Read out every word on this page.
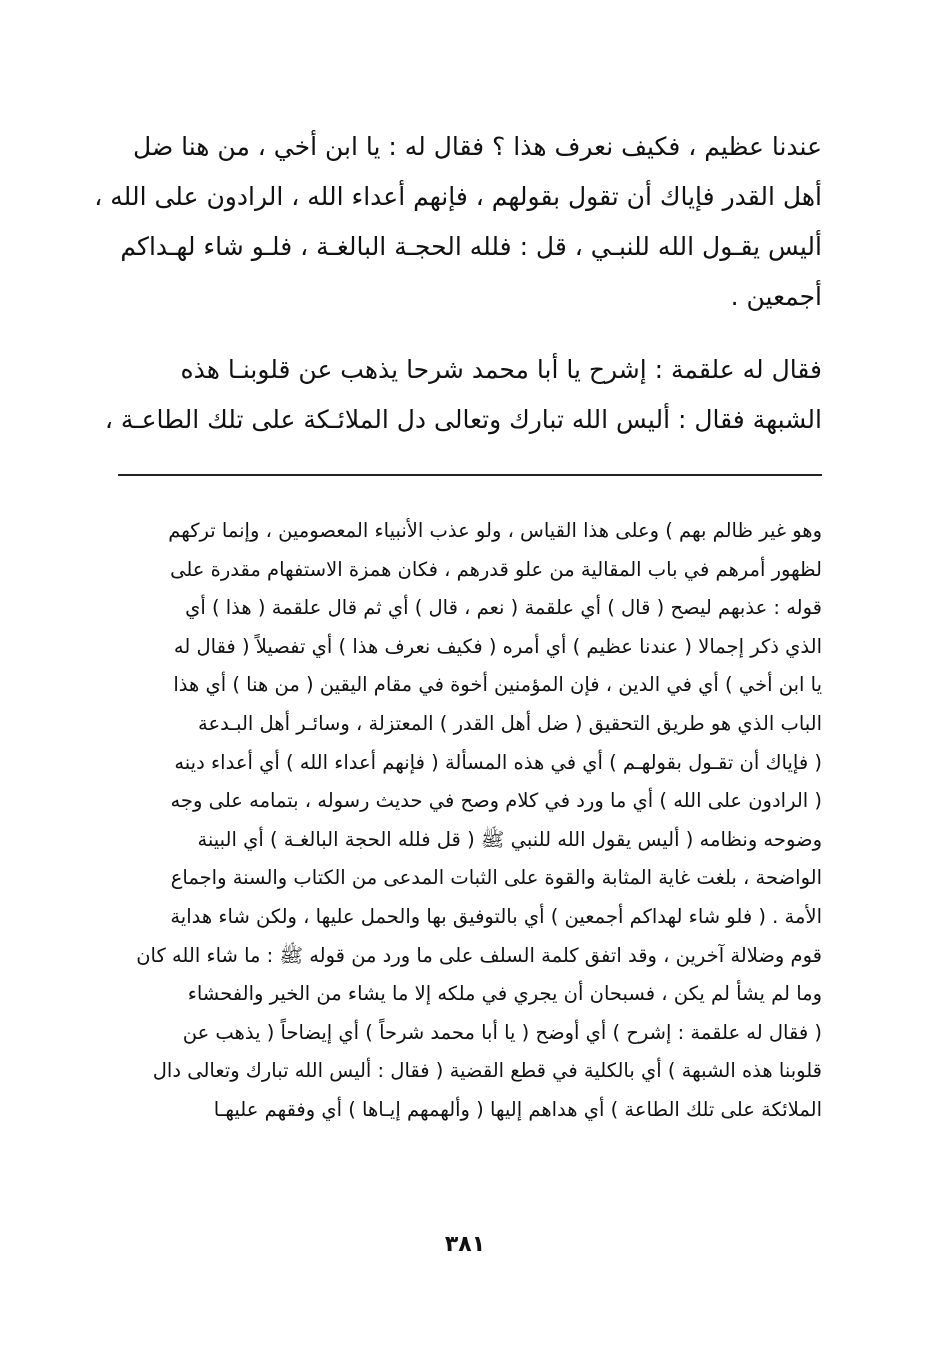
عندنا عظيم ، فكيف نعرف هذا ؟ فقال له : يا ابن أخي ، من هنا ضل
أهل القدر فإياك أن تقول بقولهم ، فإنهم أعداء الله ، الرادون على الله ،
أليس يقـول الله للنبـي ، قل : فلله الحجـة البالغـة ، فلـو شاء لهـداكم
أجمعين .
فقال له علقمة : إشرح يا أبا محمد شرحا يذهب عن قلوبنـا هذه
الشبهة فقال : أليس الله تبارك وتعالى دل الملائـكة على تلك الطاعـة ،
وهو غير ظالم بهم ) وعلى هذا القياس ، ولو عذب الأنبياء المعصومين ، وإنما تركهم
لظهور أمرهم في باب المقالية من علو قدرهم ، فكان همزة الاستفهام مقدرة على
قوله : عذبهم ليصح ( قال ) أي علقمة ( نعم ، قال ) أي ثم قال علقمة ( هذا ) أي
الذي ذكر إجمالا ( عندنا عظيم ) أي أمره ( فكيف نعرف هذا ) أي تفصيلاً ( فقال له
يا ابن أخي ) أي في الدين ، فإن المؤمنين أخوة في مقام اليقين ( من هنا ) أي هذا
الباب الذي هو طريق التحقيق ( ضل أهل القدر ) المعتزلة ، وسائـر أهل البـدعة
( فإياك أن تقـول بقولهـم ) أي في هذه المسألة ( فإنهم أعداء الله ) أي أعداء دينه
( الرادون على الله ) أي ما ورد في كلام وصح في حديث رسوله ، بتمامه على وجه
وضوحه ونظامه ( أليس يقول الله للنبي ﷺ ( قل فلله الحجة البالغـة ) أي البينة
الواضحة ، بلغت غاية المثابة والقوة على الثبات المدعى من الكتاب والسنة واجماع
الأمة . ( فلو شاء لهداكم أجمعين ) أي بالتوفيق بها والحمل عليها ، ولكن شاء هداية
قوم وضلالة آخرين ، وقد اتفق كلمة السلف على ما ورد من قوله ﷺ : ما شاء الله كان
وما لم يشأ لم يكن ، فسبحان أن يجري في ملكه إلا ما يشاء من الخير والفحشاء
( فقال له علقمة : إشرح ) أي أوضح ( يا أبا محمد شرحاً ) أي إيضاحاً ( يذهب عن
قلوبنا هذه الشبهة ) أي بالكلية في قطع القضية ( فقال : أليس الله تبارك وتعالى دال
الملائكة على تلك الطاعة ) أي هداهم إليها ( وألهمهم إيـاها ) أي وفقهم عليهـا
٣٨١
